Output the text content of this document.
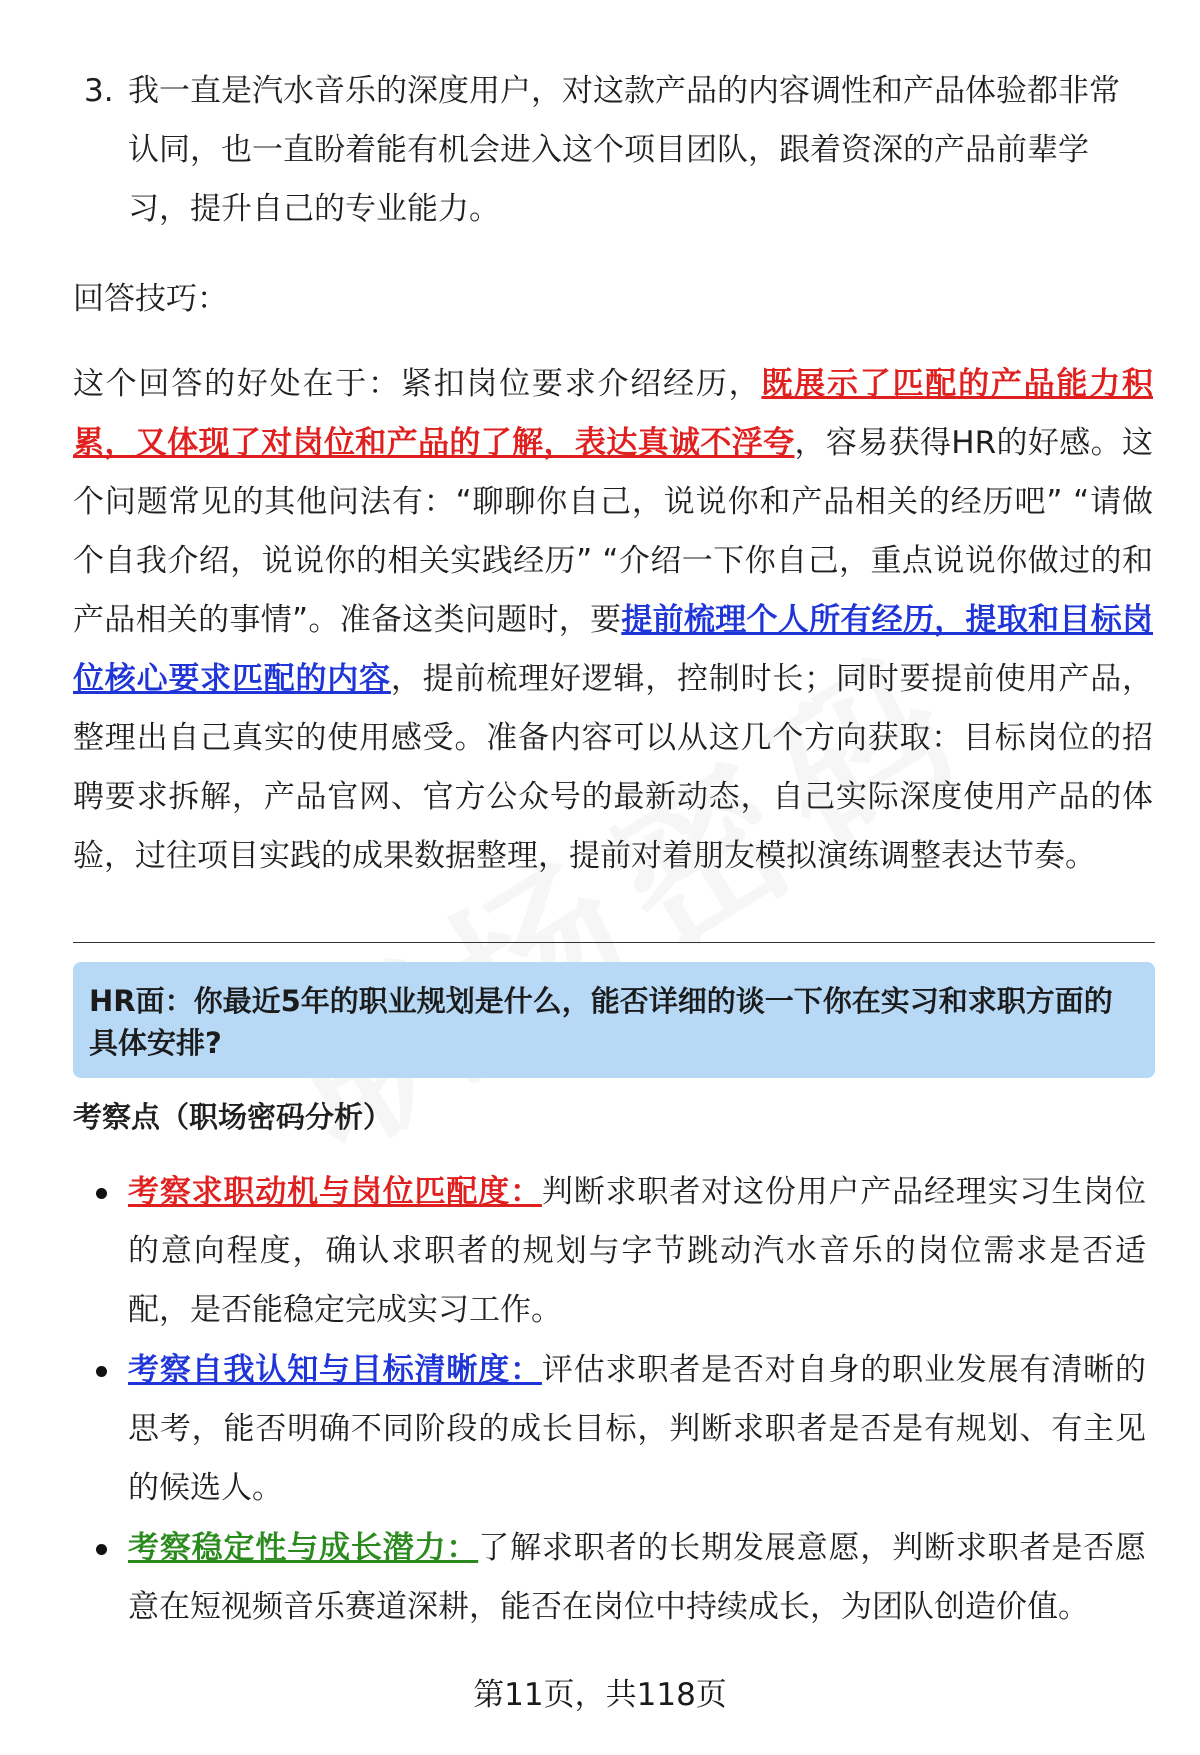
3. 我一直是汽水音乐的深度用户，对这款产品的内容调性和产品体验都非常认同，也一直盼着能有机会进入这个项目团队，跟着资深的产品前辈学习，提升自己的专业能力。
回答技巧：
这个回答的好处在于：紧扣岗位要求介绍经历，既展示了匹配的产品能力积累，又体现了对岗位和产品的了解，表达真诚不浮夸，容易获得HR的好感。这个问题常见的其他问法有：“聊聊你自己，说说你和产品相关的经历吧” “请做个自我介绍，说说你的相关实践经历” “介绍一下你自己，重点说说你做过的和产品相关的事情”。准备这类问题时，要提前梳理个人所有经历，提取和目标岗位核心要求匹配的内容，提前梳理好逻辑，控制时长；同时要提前使用产品，整理出自己真实的使用感受。准备内容可以从这几个方向获取：目标岗位的招聘要求拆解，产品官网、官方公众号的最新动态，自己实际深度使用产品的体验，过往项目实践的成果数据整理，提前对着朋友模拟演练调整表达节奏。
HR面：你最近5年的职业规划是什么，能否详细的谈一下你在实习和求职方面的具体安排?
考察点（职场密码分析）
考察求职动机与岗位匹配度：判断求职者对这份用户产品经理实习生岗位的意向程度，确认求职者的规划与字节跳动汽水音乐的岗位需求是否适配，是否能稳定完成实习工作。
考察自我认知与目标清晰度：评估求职者是否对自身的职业发展有清晰的思考，能否明确不同阶段的成长目标，判断求职者是否是有规划、有主见的候选人。
考察稳定性与成长潜力：了解求职者的长期发展意愿，判断求职者是否愿意在短视频音乐赛道深耕，能否在岗位中持续成长，为团队创造价值。
第11页，共118页
